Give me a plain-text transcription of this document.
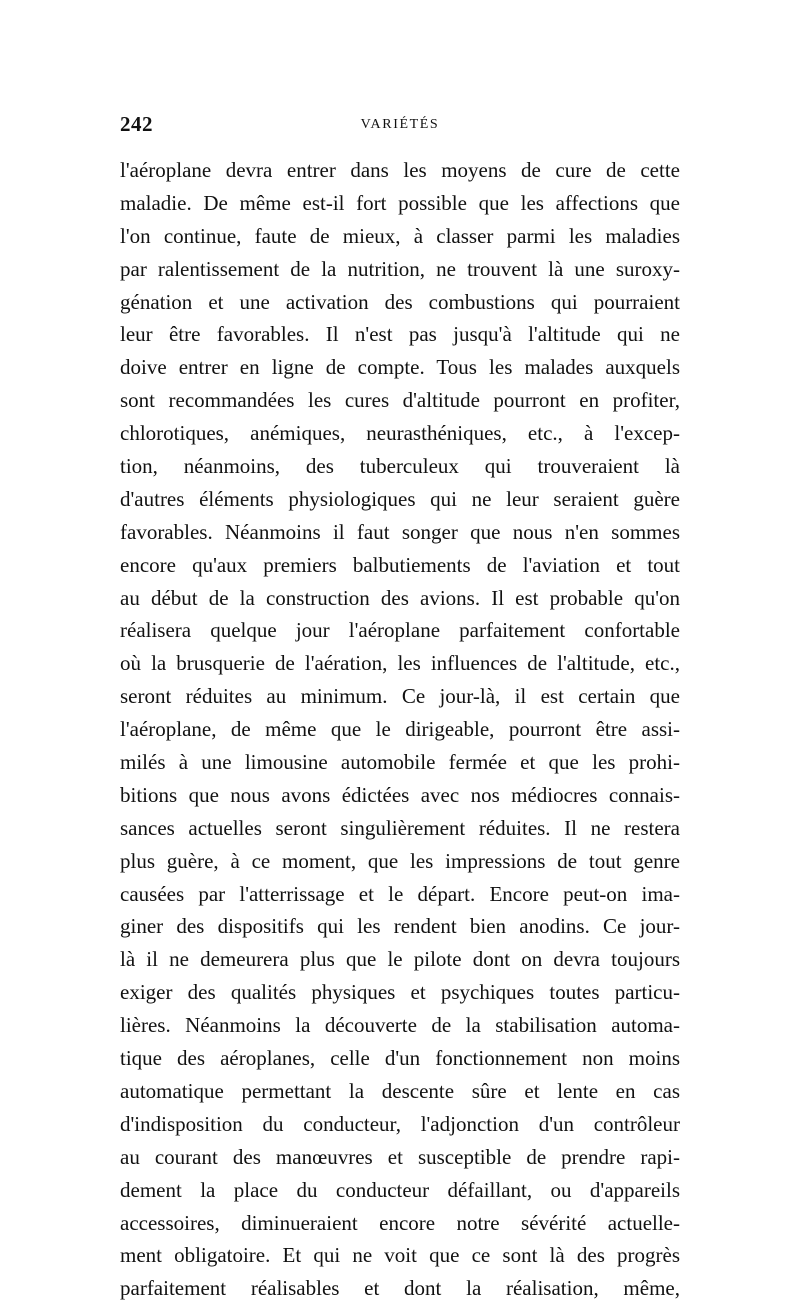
242	VARIÉTÉS
l'aéroplane devra entrer dans les moyens de cure de cette
maladie. De même est-il fort possible que les affections que
l'on continue, faute de mieux, à classer parmi les maladies
par ralentissement de la nutrition, ne trouvent là une suroxy-
génation et une activation des combustions qui pourraient
leur être favorables. Il n'est pas jusqu'à l'altitude qui ne
doive entrer en ligne de compte. Tous les malades auxquels
sont recommandées les cures d'altitude pourront en profiter,
chlorotiques, anémiques, neurasthéniques, etc., à l'excep-
tion, néanmoins, des tuberculeux qui trouveraient là
d'autres éléments physiologiques qui ne leur seraient guère
favorables. Néanmoins il faut songer que nous n'en sommes
encore qu'aux premiers balbutiements de l'aviation et tout
au début de la construction des avions. Il est probable qu'on
réalisera quelque jour l'aéroplane parfaitement confortable
où la brusquerie de l'aération, les influences de l'altitude, etc.,
seront réduites au minimum. Ce jour-là, il est certain que
l'aéroplane, de même que le dirigeable, pourront être assi-
milés à une limousine automobile fermée et que les prohi-
bitions que nous avons édictées avec nos médiocres connais-
sances actuelles seront singulièrement réduites. Il ne restera
plus guère, à ce moment, que les impressions de tout genre
causées par l'atterrissage et le départ. Encore peut-on ima-
giner des dispositifs qui les rendent bien anodins. Ce jour-
là il ne demeurera plus que le pilote dont on devra toujours
exiger des qualités physiques et psychiques toutes particu-
lières. Néanmoins la découverte de la stabilisation automa-
tique des aéroplanes, celle d'un fonctionnement non moins
automatique permettant la descente sûre et lente en cas
d'indisposition du conducteur, l'adjonction d'un contrôleur
au courant des manœuvres et susceptible de prendre rapi-
dement la place du conducteur défaillant, ou d'appareils
accessoires, diminueraient encore notre sévérité actuelle-
ment obligatoire. Et qui ne voit que ce sont là des progrès
parfaitement réalisables et dont la réalisation, même,
